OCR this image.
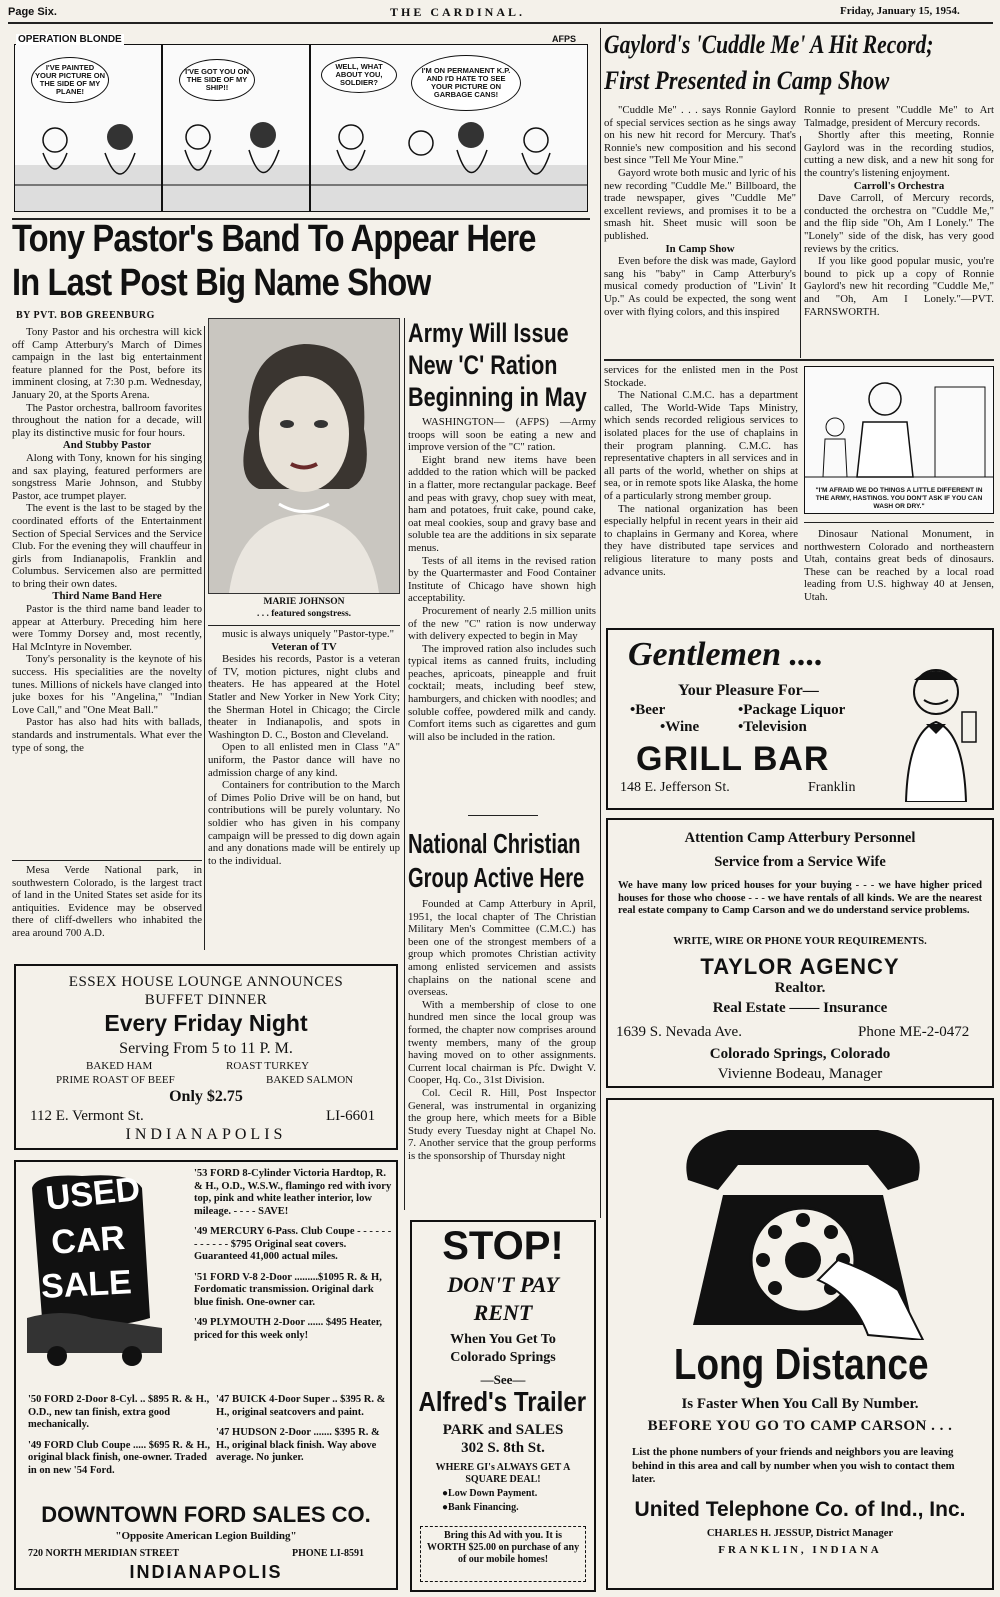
Page Six.	THE CARDINAL.	Friday, January 15, 1954.
OPERATION BLONDE	AFPS
I'VE PAINTED YOUR PICTURE ON THE SIDE OF MY PLANE!
I'VE GOT YOU ON THE SIDE OF MY SHIP!!
WELL, WHAT ABOUT YOU, SOLDIER?
I'M ON PERMANENT K.P. AND I'D HATE TO SEE YOUR PICTURE ON GARBAGE CANS!
Tony Pastor's Band To Appear Here
In Last Post Big Name Show
BY PVT. BOB GREENBURG

Tony Pastor and his orchestra will kick off Camp Atterbury's March of Dimes campaign in the last big entertainment feature planned for the Post, before its imminent closing, at 7:30 p.m. Wednesday, January 20, at the Sports Arena.

The Pastor orchestra, ballroom favorites throughout the nation for a decade, will play its distinctive music for four hours.

And Stubby Pastor

Along with Tony, known for his singing and sax playing, featured performers are songstress Marie Johnson, and Stubby Pastor, ace trumpet player.

The event is the last to be staged by the coordinated efforts of the Entertainment Section of Special Services and the Service Club. For the evening they will chauffeur in girls from Indianapolis, Franklin and Columbus. Servicemen also are permitted to bring their own dates.

Third Name Band Here

Pastor is the third name band leader to appear at Atterbury. Preceding him here were Tommy Dorsey and, most recently, Hal McIntyre in November.

Tony's personality is the keynote of his success. His specialities are the novelty tunes. Millions of nickels have clanged into juke boxes for his "Angelina," "Indian Love Call," and "One Meat Ball."

Pastor has also had hits with ballads, standards and instrumentals. What ever the type of song, the

Mesa Verde National park, in southwestern Colorado, is the largest tract of land in the United States set aside for its antiquities. Evidence may be observed there of cliff-dwellers who inhabited the area around 700 A.D.

MARIE JOHNSON
. . . featured songstress.

music is always uniquely "Pastor-type."

Veteran of TV

Besides his records, Pastor is a veteran of TV, motion pictures, night clubs and theaters. He has appeared at the Hotel Statler and New Yorker in New York City; the Sherman Hotel in Chicago; the Circle theater in Indianapolis, and spots in Washington D. C., Boston and Cleveland.

Open to all enlisted men in Class "A" uniform, the Pastor dance will have no admission charge of any kind.

Containers for contribution to the March of Dimes Polio Drive will be on hand, but contributions will be purely voluntary. No soldier who has given in his company campaign will be pressed to dig down again and any donations made will be entirely up to the individual.

Army Will Issue
New 'C' Ration
Beginning in May

WASHINGTON— (AFPS) —Army troops will soon be eating a new and improve version of the "C" ration.

Eight brand new items have been addded to the ration which will be packed in a flatter, more rectangular package. Beef and peas with gravy, chop suey with meat, ham and potatoes, fruit cake, pound cake, oat meal cookies, soup and gravy base and soluble tea are the additions in six separate menus.

Tests of all items in the revised ration by the Quartermaster and Food Container Institute of Chicago have shown high acceptability.

Procurement of nearly 2.5 million units of the new "C" ration is now underway with delivery expected to begin in May

The improved ration also includes such typical items as canned fruits, including peaches, apricoats, pineapple and fruit cocktail; meats, including beef stew, hamburgers, and chicken with noodles; and soluble coffee, powdered milk and candy. Comfort items such as cigarettes and gum will also be included in the ration.

National Christian
Group Active Here

Founded at Camp Atterbury in April, 1951, the local chapter of The Christian Military Men's Committee (C.M.C.) has been one of the strongest members of a group which promotes Christian activity among enlisted servicemen and assists chaplains on the national scene and overseas.

With a membership of close to one hundred men since the local group was formed, the chapter now comprises around twenty members, many of the group having moved on to other assignments. Current local chairman is Pfc. Dwight V. Cooper, Hq. Co., 31st Division.

Col. Cecil R. Hill, Post Inspector General, was instrumental in organizing the group here, which meets for a Bible Study every Tuesday night at Chapel No. 7. Another service that the group performs is the sponsorship of Thursday night

Gaylord's 'Cuddle Me' A Hit Record;
First Presented in Camp Show

"Cuddle Me" . . . says Ronnie Gaylord of special services section as he sings away on his new hit record for Mercury. That's Ronnie's new composition and his second best since "Tell Me Your Mine."

Gayord wrote both music and lyric of his new recording "Cuddle Me." Billboard, the trade newspaper, gives "Cuddle Me" excellent reviews, and promises it to be a smash hit. Sheet music will soon be published.

In Camp Show

Even before the disk was made, Gaylord sang his "baby" in Camp Atterbury's musical comedy production of "Livin' It Up." As could be expected, the song went over with flying colors, and this inspired

Ronnie to present "Cuddle Me" to Art Talmadge, president of Mercury records.

Shortly after this meeting, Ronnie Gaylord was in the recording studios, cutting a new disk, and a new hit song for the country's listening enjoyment.

Carroll's Orchestra

Dave Carroll, of Mercury records, conducted the orchestra on "Cuddle Me," and the flip side "Oh, Am I Lonely." The "Lonely" side of the disk, has very good reviews by the critics.

If you like good popular music, you're bound to pick up a copy of Ronnie Gaylord's new hit recording "Cuddle Me," and "Oh, Am I Lonely."—PVT. FARNSWORTH.

services for the enlisted men in the Post Stockade.

The National C.M.C. has a department called, The World-Wide Taps Ministry, which sends recorded religious services to isolated places for the use of chaplains in their program planning. C.M.C. has representative chapters in all services and in all parts of the world, whether on ships at sea, or in remote spots like Alaska, the home of a particularly strong member group.

The national organization has been especially helpful in recent years in their aid to chaplains in Germany and Korea, where they have distributed tape services and religious literature to many posts and advance units.

"I'M AFRAID WE DO THINGS A LITTLE DIFFERENT IN THE ARMY, HASTINGS. YOU DON'T ASK IF YOU CAN WASH OR DRY."

Dinosaur National Monument, in northwestern Colorado and northeastern Utah, contains great beds of dinosaurs. These can be reached by a local road leading from U.S. highway 40 at Jensen, Utah.

Gentlemen ....
Your Pleasure For—
•Beer	•Package Liquor
•Wine	•Television
GRILL BAR
148 E. Jefferson St.	Franklin
Attention Camp Atterbury Personnel
Service from a Service Wife
We have many low priced houses for your buying - - - we have higher priced houses for those who choose - - - we have rentals of all kinds. We are the nearest real estate company to Camp Carson and we do understand service problems.
WRITE, WIRE OR PHONE YOUR REQUIREMENTS.
TAYLOR AGENCY
Realtor.
Real Estate —— Insurance
1639 S. Nevada Ave.	Phone ME-2-0472
Colorado Springs, Colorado
Vivienne Bodeau, Manager
ESSEX HOUSE LOUNGE ANNOUNCES
BUFFET DINNER
Every Friday Night
Serving From 5 to 11 P. M.
BAKED HAM	ROAST TURKEY
PRIME ROAST OF BEEF	BAKED SALMON
Only $2.75
112 E. Vermont St.	LI-6601
INDIANAPOLIS
USED
CAR
SALE

'53 FORD 8-Cylinder Victoria Hardtop, R. & H., O.D., W.S.W., flamingo red with ivory top, pink and white leather interior, low mileage. - - - - SAVE!

'49 MERCURY 6-Pass. Club Coupe - - - - - - - - - - - - $795 Original seat covers. Guaranteed 41,000 actual miles.

'51 FORD V-8 2-Door .........$1095 R. & H, Fordomatic transmission. Original dark blue finish. One-owner car.

'49 PLYMOUTH 2-Door ...... $495 Heater, priced for this week only!

'50 FORD 2-Door 8-Cyl. .. $895 R. & H., O.D., new tan finish, extra good mechanically.

'49 FORD Club Coupe ..... $695 R. & H., original black finish, one-owner. Traded in on new '54 Ford.

'47 BUICK 4-Door Super .. $395 R. & H., original seatcovers and paint.

'47 HUDSON 2-Door ....... $395 R. & H., original black finish. Way above average. No junker.

DOWNTOWN FORD SALES CO.
"Opposite American Legion Building"
720 NORTH MERIDIAN STREET	PHONE LI-8591
INDIANAPOLIS
STOP!
DON'T PAY
RENT
When You Get To
Colorado Springs
—See—
Alfred's Trailer
PARK and SALES
302 S. 8th St.
WHERE GI's ALWAYS GET A SQUARE DEAL!
●Low Down Payment.
●Bank Financing.
Bring this Ad with you. It is WORTH $25.00 on purchase of any of our mobile homes!
Long Distance
Is Faster When You Call By Number.
BEFORE YOU GO TO CAMP CARSON . . .
List the phone numbers of your friends and neighbors you are leaving behind in this area and call by number when you wish to contact them later.
United Telephone Co. of Ind., Inc.
CHARLES H. JESSUP, District Manager
FRANKLIN, INDIANA
